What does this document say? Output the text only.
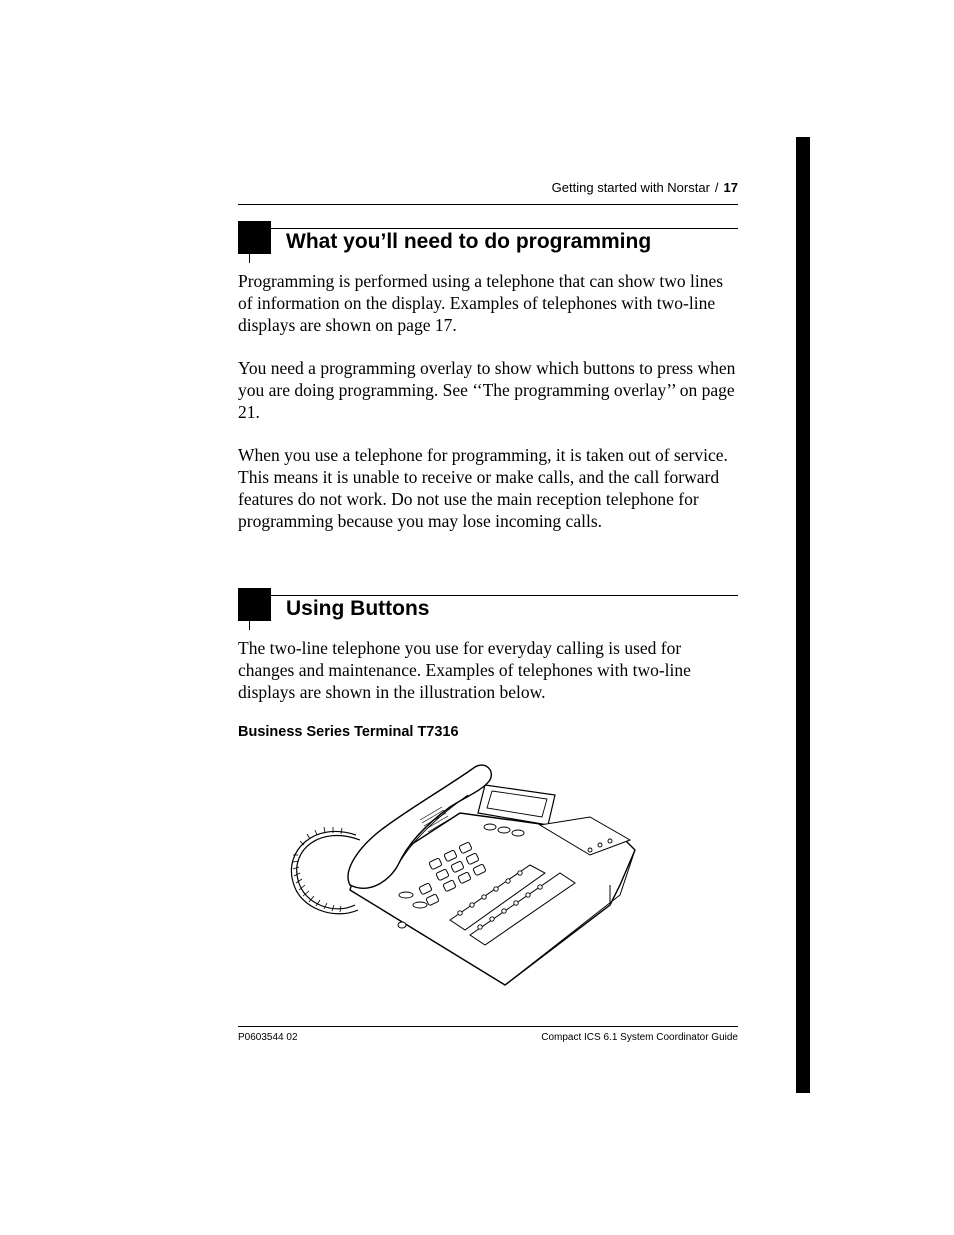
Getting started with Norstar / 17
What you’ll need to do programming

Programming is performed using a telephone that can show two lines of information on the display. Examples of telephones with two-line displays are shown on page 17.

You need a programming overlay to show which buttons to press when you are doing programming. See ‘‘The programming overlay’’ on page 21.

When you use a telephone for programming, it is taken out of service. This means it is unable to receive or make calls, and the call forward features do not work. Do not use the main reception telephone for programming because you may lose incoming calls.

Using Buttons

The two-line telephone you use for everyday calling is used for changes and maintenance. Examples of telephones with two-line displays are shown in the illustration below.

Business Series Terminal T7316

P0603544 02	Compact ICS 6.1 System Coordinator Guide
